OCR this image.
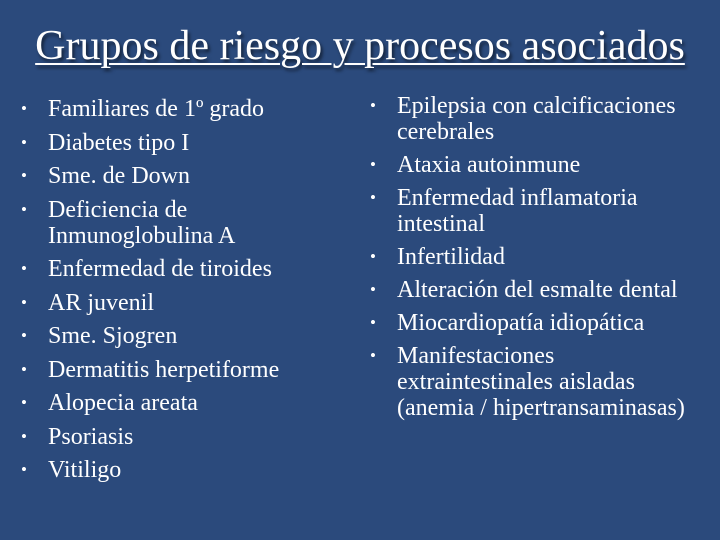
Grupos de riesgo y procesos asociados
• Familiares de 1º grado
• Diabetes tipo I
• Sme. de Down
• Deficiencia de Inmunoglobulina A
• Enfermedad de tiroides
• AR juvenil
• Sme. Sjogren
• Dermatitis herpetiforme
• Alopecia areata
• Psoriasis
• Vitiligo
• Epilepsia con calcificaciones cerebrales
• Ataxia autoinmune
• Enfermedad inflamatoria intestinal
• Infertilidad
• Alteración del esmalte dental
• Miocardiopatía idiopática
• Manifestaciones extraintestinales aisladas (anemia / hipertransaminasas)
